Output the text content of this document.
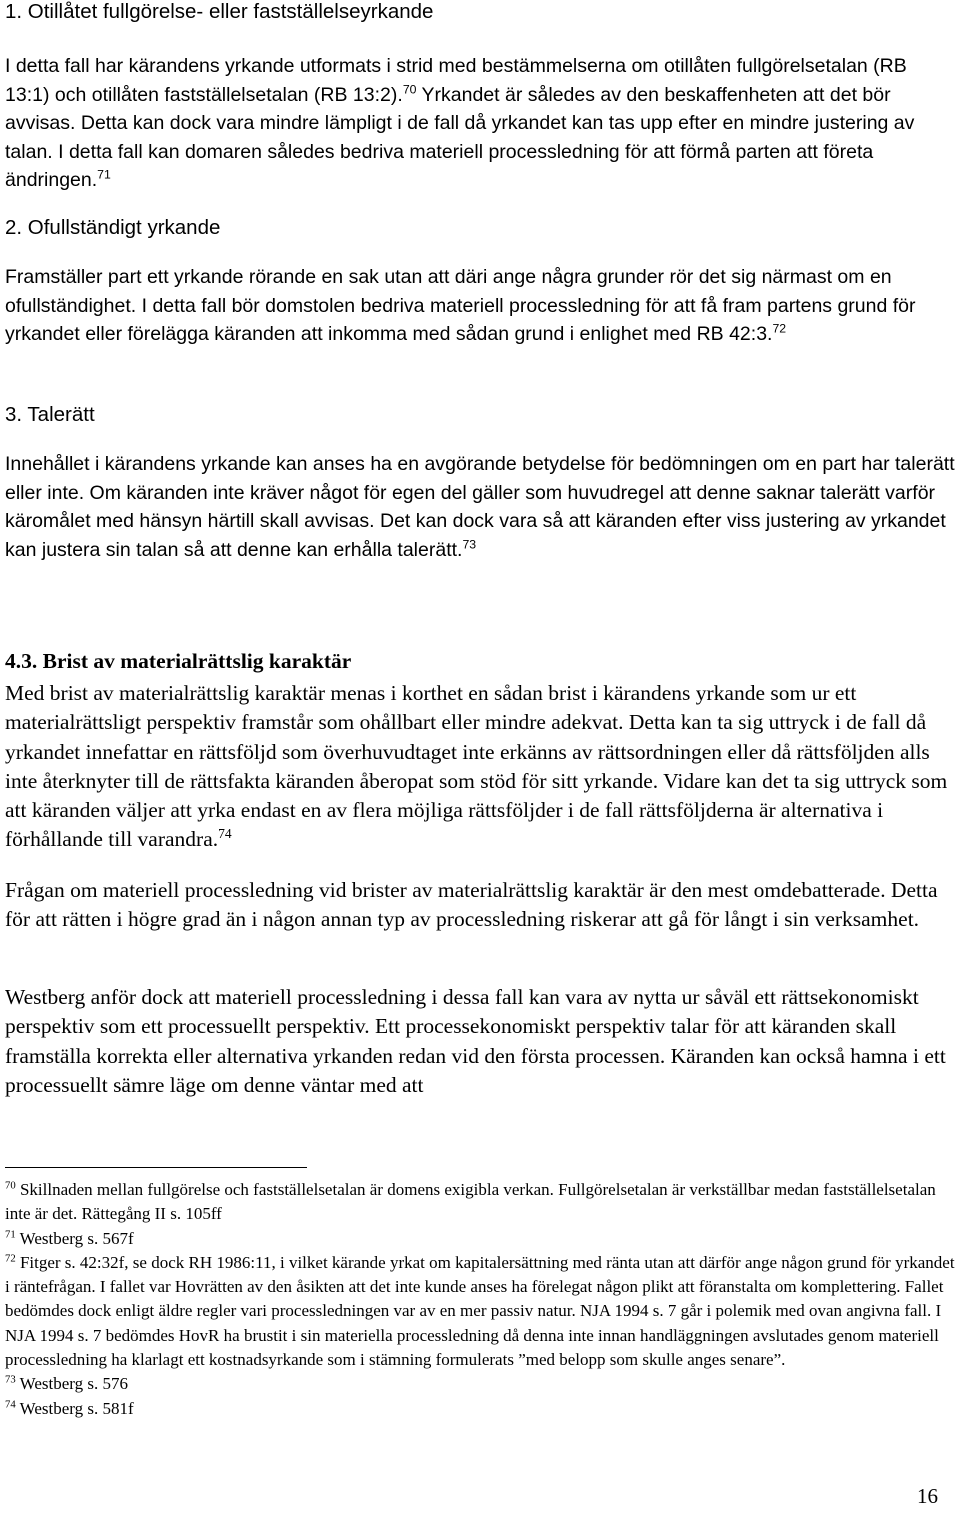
1. Otillåtet fullgörelse- eller fastställelseyrkande

I detta fall har kärandens yrkande utformats i strid med bestämmelserna om otillåten fullgörelsetalan (RB 13:1) och otillåten fastställelsetalan (RB 13:2).$^{70}$ Yrkandet är således av den beskaffenheten att det bör avvisas. Detta kan dock vara mindre lämpligt i de fall då yrkandet kan tas upp efter en mindre justering av talan. I detta fall kan domaren således bedriva materiell processledning för att förmå parten att företa ändringen.$^{71}$

2. Ofullständigt yrkande

Framställer part ett yrkande rörande en sak utan att däri ange några grunder rör det sig närmast om en ofullständighet. I detta fall bör domstolen bedriva materiell processledning för att få fram partens grund för yrkandet eller förelägga käranden att inkomma med sådan grund i enlighet med RB 42:3.72

3. Talerätt

Innehållet i kärandens yrkande kan anses ha en avgörande betydelse för bedömningen om en part har talerätt eller inte. Om käranden inte kräver något för egen del gäller som huvudregel att denne saknar talerätt varför käromålet med hänsyn härtill skall avvisas. Det kan dock vara så att käranden efter viss justering av yrkandet kan justera sin talan så att denne kan erhålla talerätt.$^{73}$

4.3. Brist av materialrättslig karaktär

Med brist av materialrättslig karaktär menas i korthet en sådan brist i kärandens yrkande som ur ett materialrättsligt perspektiv framstår som ohållbart eller mindre adekvat. Detta kan ta sig uttryck i de fall då yrkandet innefattar en rättsföljd som överhuvudtaget inte erkänns av rättsordningen eller då rättsföljden alls inte återknyter till de rättsfakta käranden åberopat som stöd för sitt yrkande. Vidare kan det ta sig uttryck som att käranden väljer att yrka endast en av flera möjliga rättsföljder i de fall rättsföljderna är alternativa i förhållande till varandra.$^{74}$

Frågan om materiell processledning vid brister av materialrättslig karaktär är den mest omdebatterade. Detta för att rätten i högre grad än i någon annan typ av processledning riskerar att gå för långt i sin verksamhet.

Westberg anför dock att materiell processledning i dessa fall kan vara av nytta ur såväl ett rättsekonomiskt perspektiv som ett processuellt perspektiv. Ett processekonomiskt perspektiv talar för att käranden skall framställa korrekta eller alternativa yrkanden redan vid den första processen. Käranden kan också hamna i ett processuellt sämre läge om denne väntar med att

$^{70}$ Skillnaden mellan fullgörelse och fastställelsetalan är domens exigibla verkan. Fullgörelsetalan är verkställbar medan fastställelsetalan inte är det. Rättegång II s. 105ff
$^{71}$ Westberg s. 567f
$^{72}$ Fitger s. 42:32f, se dock RH 1986:11, i vilket kärande yrkat om kapitalersättning med ränta utan att därför ange någon grund för yrkandet i räntefrågan. I fallet var Hovrätten av den åsikten att det inte kunde anses ha förelegat någon plikt att föranstalta om komplettering. Fallet bedömdes dock enligt äldre regler vari processledningen var av en mer passiv natur. NJA 1994 s. 7 går i polemik med ovan angivna fall. I NJA 1994 s. 7 bedömdes HovR ha brustit i sin materiella processledning då denna inte innan handläggningen avslutades genom materiell processledning ha klarlagt ett kostnadsyrkande som i stämning formulerats ”med belopp som skulle anges senare”.
$^{73}$ Westberg s. 576
$^{74}$ Westberg s. 581f
16
